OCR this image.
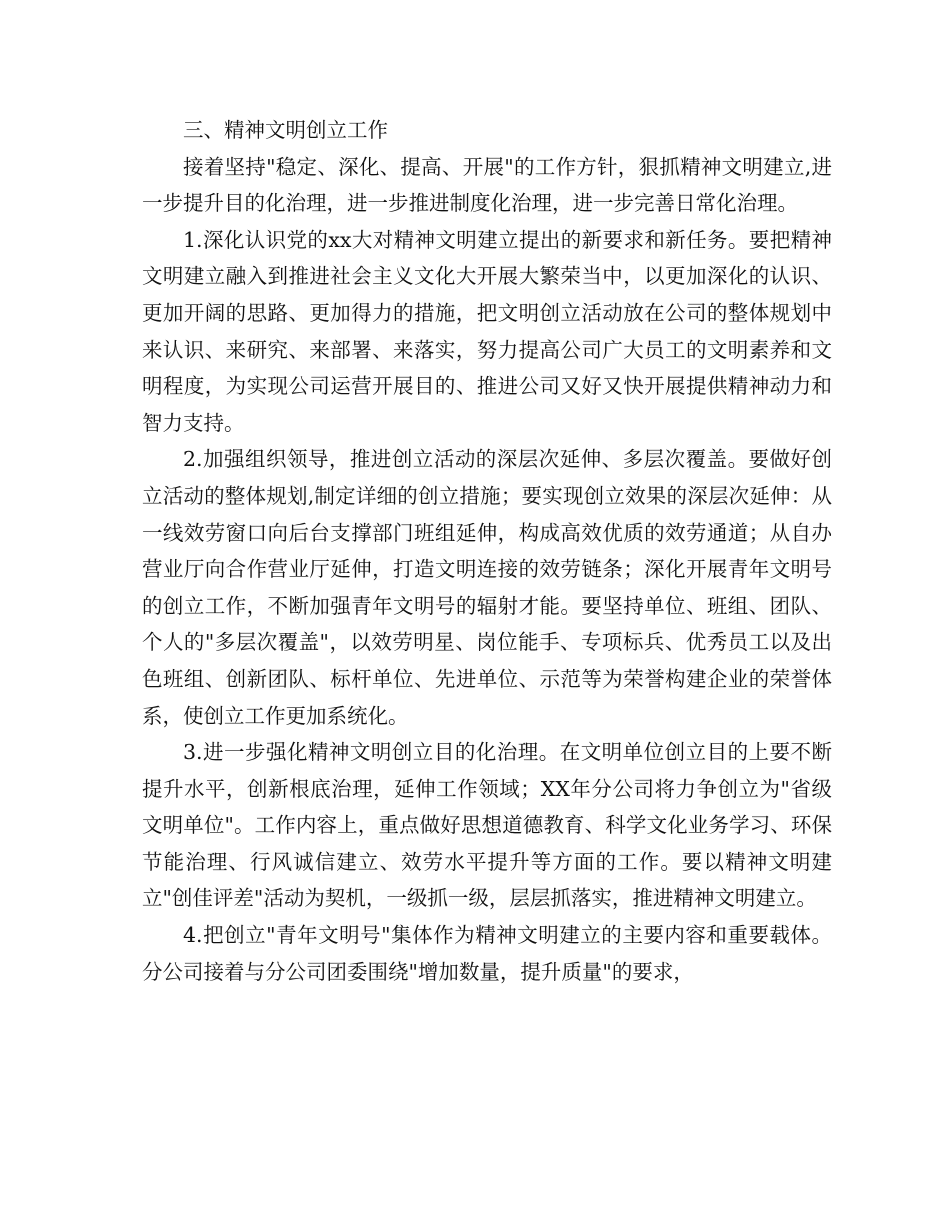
三、精神文明创立工作

接着坚持"稳定、深化、提高、开展"的工作方针，狠抓精神文明建立,进一步提升目的化治理，进一步推进制度化治理，进一步完善日常化治理。

1.深化认识党的xx大对精神文明建立提出的新要求和新任务。要把精神文明建立融入到推进社会主义文化大开展大繁荣当中，以更加深化的认识、更加开阔的思路、更加得力的措施，把文明创立活动放在公司的整体规划中来认识、来研究、来部署、来落实，努力提高公司广大员工的文明素养和文明程度，为实现公司运营开展目的、推进公司又好又快开展提供精神动力和智力支持。

2.加强组织领导，推进创立活动的深层次延伸、多层次覆盖。要做好创立活动的整体规划,制定详细的创立措施；要实现创立效果的深层次延伸：从一线效劳窗口向后台支撑部门班组延伸，构成高效优质的效劳通道；从自办营业厅向合作营业厅延伸，打造文明连接的效劳链条；深化开展青年文明号的创立工作，不断加强青年文明号的辐射才能。要坚持单位、班组、团队、个人的"多层次覆盖"，以效劳明星、岗位能手、专项标兵、优秀员工以及出色班组、创新团队、标杆单位、先进单位、示范等为荣誉构建企业的荣誉体系，使创立工作更加系统化。

3.进一步强化精神文明创立目的化治理。在文明单位创立目的上要不断提升水平，创新根底治理，延伸工作领域；XX年分公司将力争创立为"省级文明单位"。工作内容上，重点做好思想道德教育、科学文化业务学习、环保节能治理、行风诚信建立、效劳水平提升等方面的工作。要以精神文明建立"创佳评差"活动为契机，一级抓一级，层层抓落实，推进精神文明建立。

4.把创立"青年文明号"集体作为精神文明建立的主要内容和重要载体。分公司接着与分公司团委围绕"增加数量，提升质量"的要求，
